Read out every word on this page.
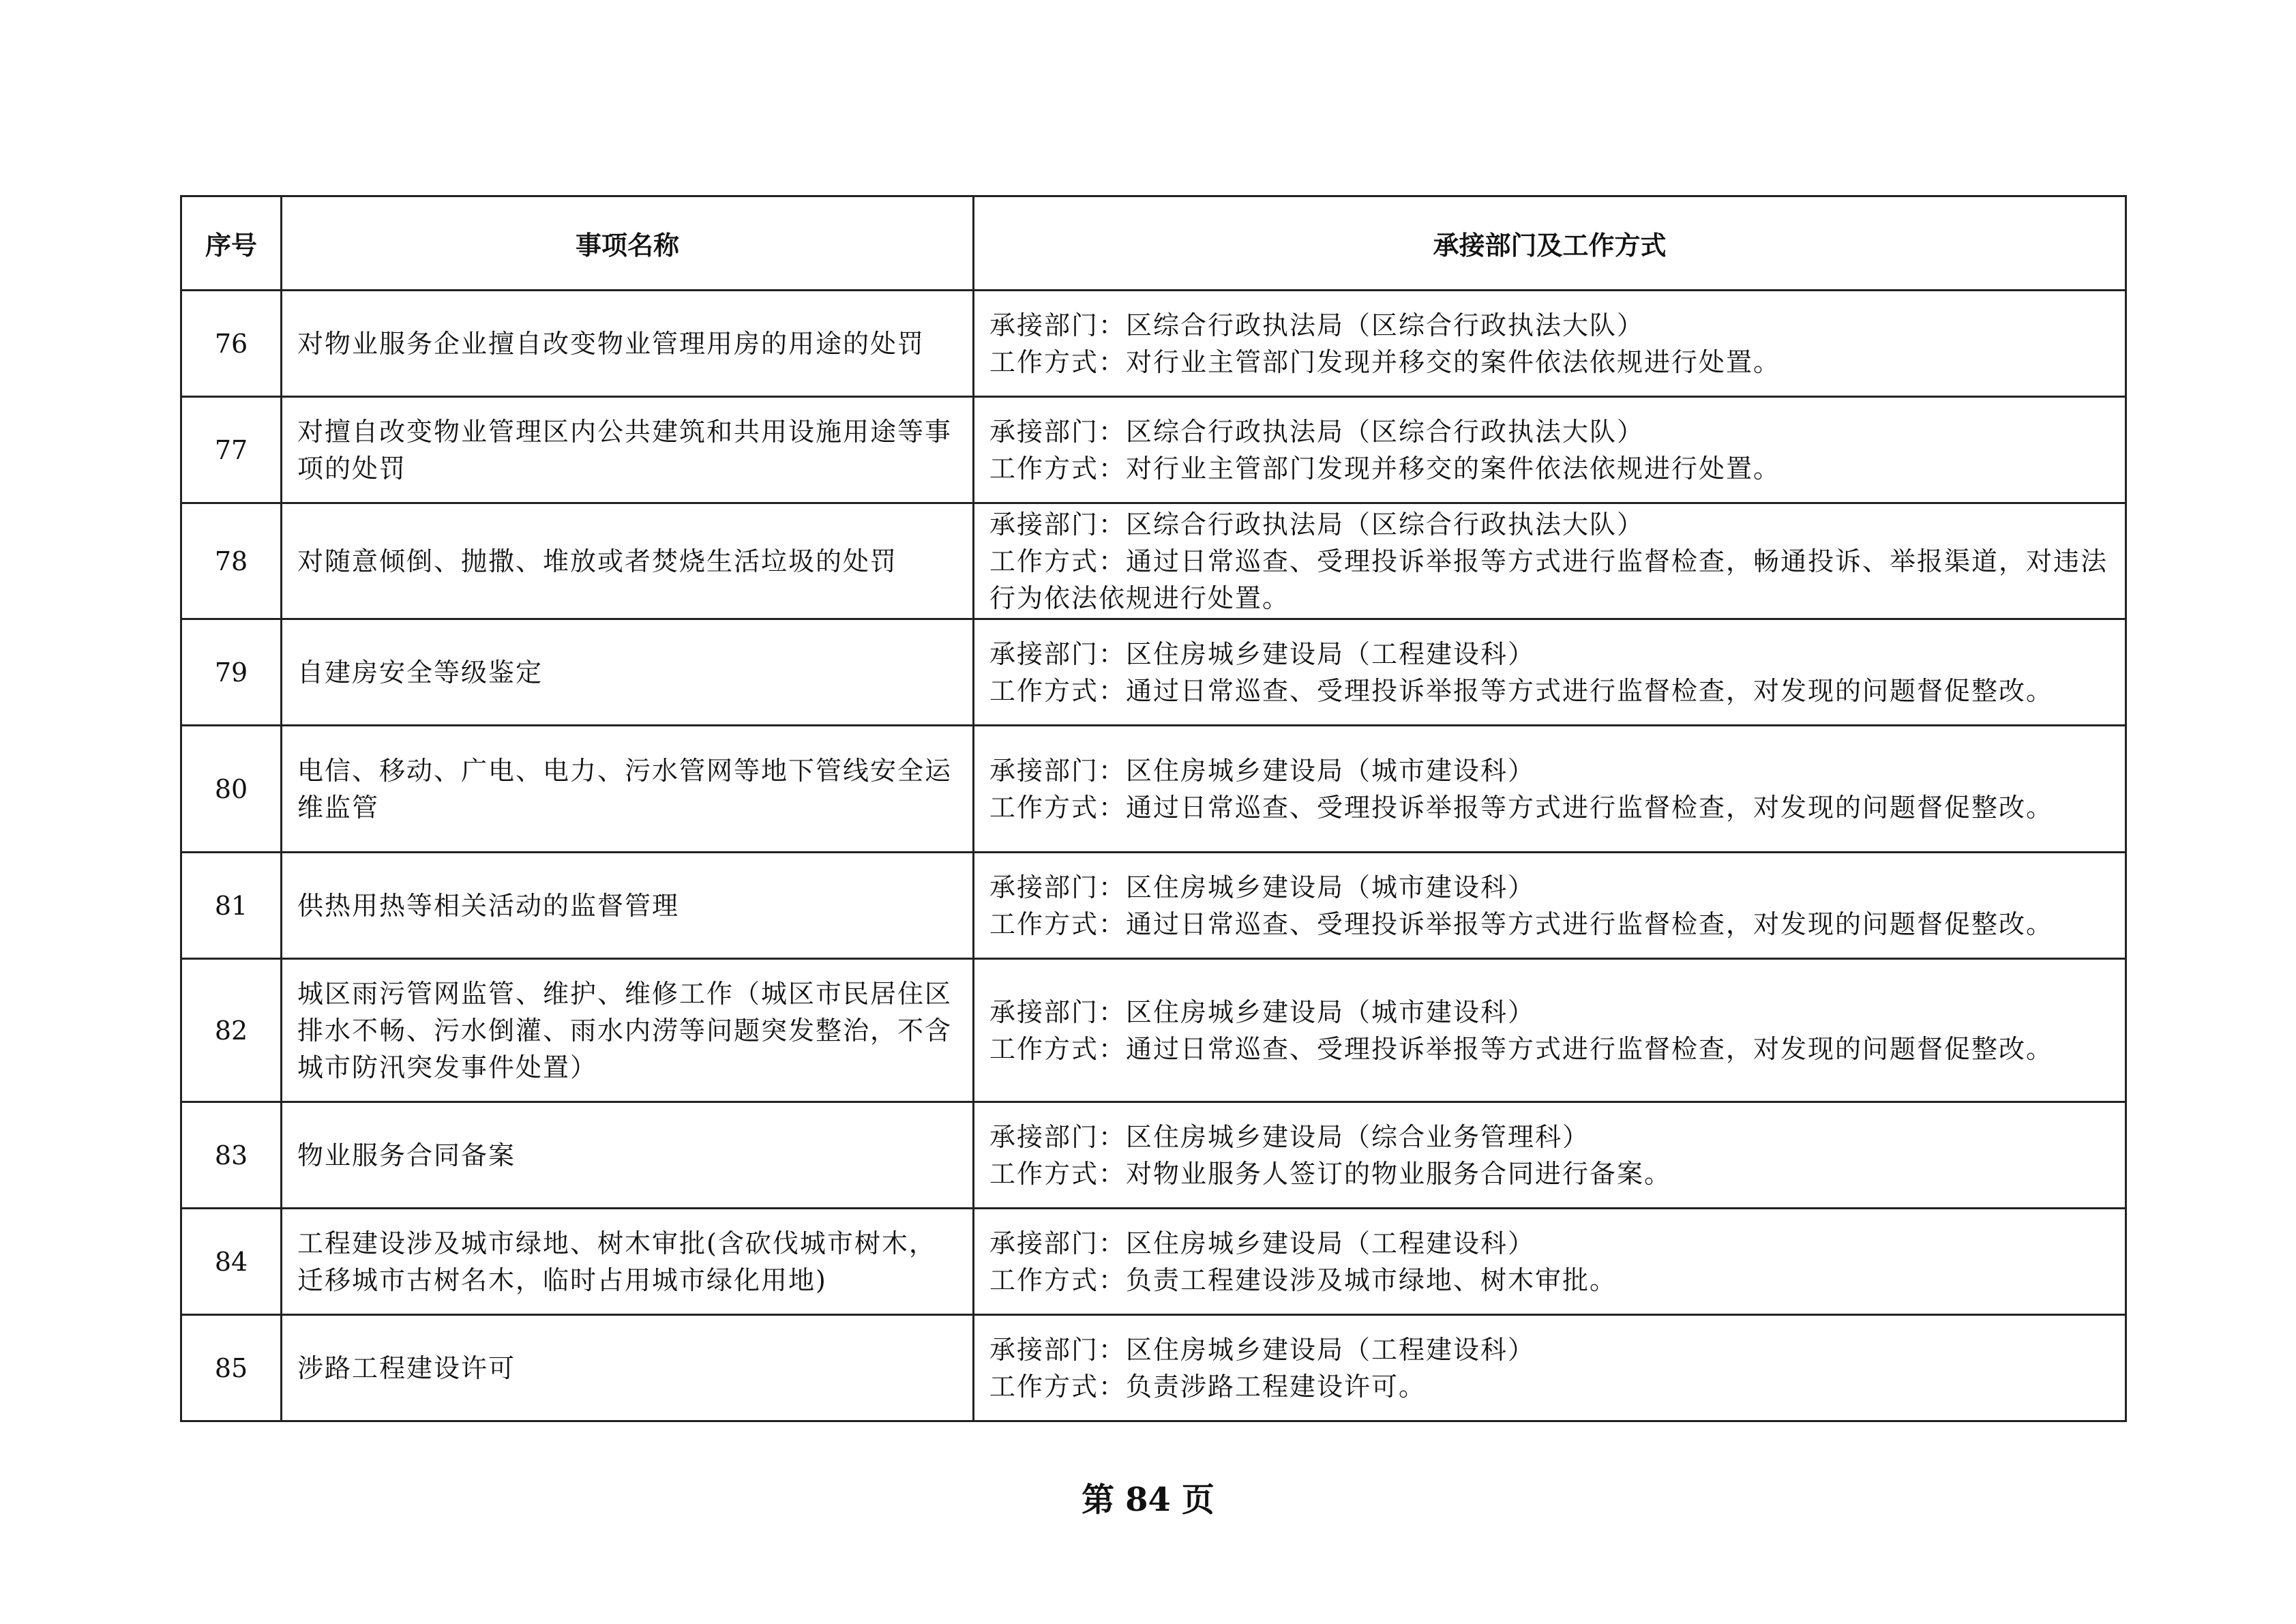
序号	事项名称	承接部门及工作方式
76	对物业服务企业擅自改变物业管理用房的用途的处罚	承接部门：区综合行政执法局（区综合行政执法大队）
工作方式：对行业主管部门发现并移交的案件依法依规进行处置。

77	对擅自改变物业管理区内公共建筑和共用设施用途等事项的处罚	承接部门：区综合行政执法局（区综合行政执法大队）
工作方式：对行业主管部门发现并移交的案件依法依规进行处置。

78	对随意倾倒、抛撒、堆放或者焚烧生活垃圾的处罚	承接部门：区综合行政执法局（区综合行政执法大队）
工作方式：通过日常巡查、受理投诉举报等方式进行监督检查，畅通投诉、举报渠道，对违法行为依法依规进行处置。

79	自建房安全等级鉴定	承接部门：区住房城乡建设局（工程建设科）
工作方式：通过日常巡查、受理投诉举报等方式进行监督检查，对发现的问题督促整改。

80	电信、移动、广电、电力、污水管网等地下管线安全运维监管	承接部门：区住房城乡建设局（城市建设科）
工作方式：通过日常巡查、受理投诉举报等方式进行监督检查，对发现的问题督促整改。

81	供热用热等相关活动的监督管理	承接部门：区住房城乡建设局（城市建设科）
工作方式：通过日常巡查、受理投诉举报等方式进行监督检查，对发现的问题督促整改。

82	城区雨污管网监管、维护、维修工作（城区市民居住区排水不畅、污水倒灌、雨水内涝等问题突发整治，不含城市防汛突发事件处置）	承接部门：区住房城乡建设局（城市建设科）
工作方式：通过日常巡查、受理投诉举报等方式进行监督检查，对发现的问题督促整改。

83	物业服务合同备案	承接部门：区住房城乡建设局（综合业务管理科）
工作方式：对物业服务人签订的物业服务合同进行备案。

84	工程建设涉及城市绿地、树木审批(含砍伐城市树木，迁移城市古树名木，临时占用城市绿化用地)	承接部门：区住房城乡建设局（工程建设科）
工作方式：负责工程建设涉及城市绿地、树木审批。

85	涉路工程建设许可	承接部门：区住房城乡建设局（工程建设科）
工作方式：负责涉路工程建设许可。
第 84 页
